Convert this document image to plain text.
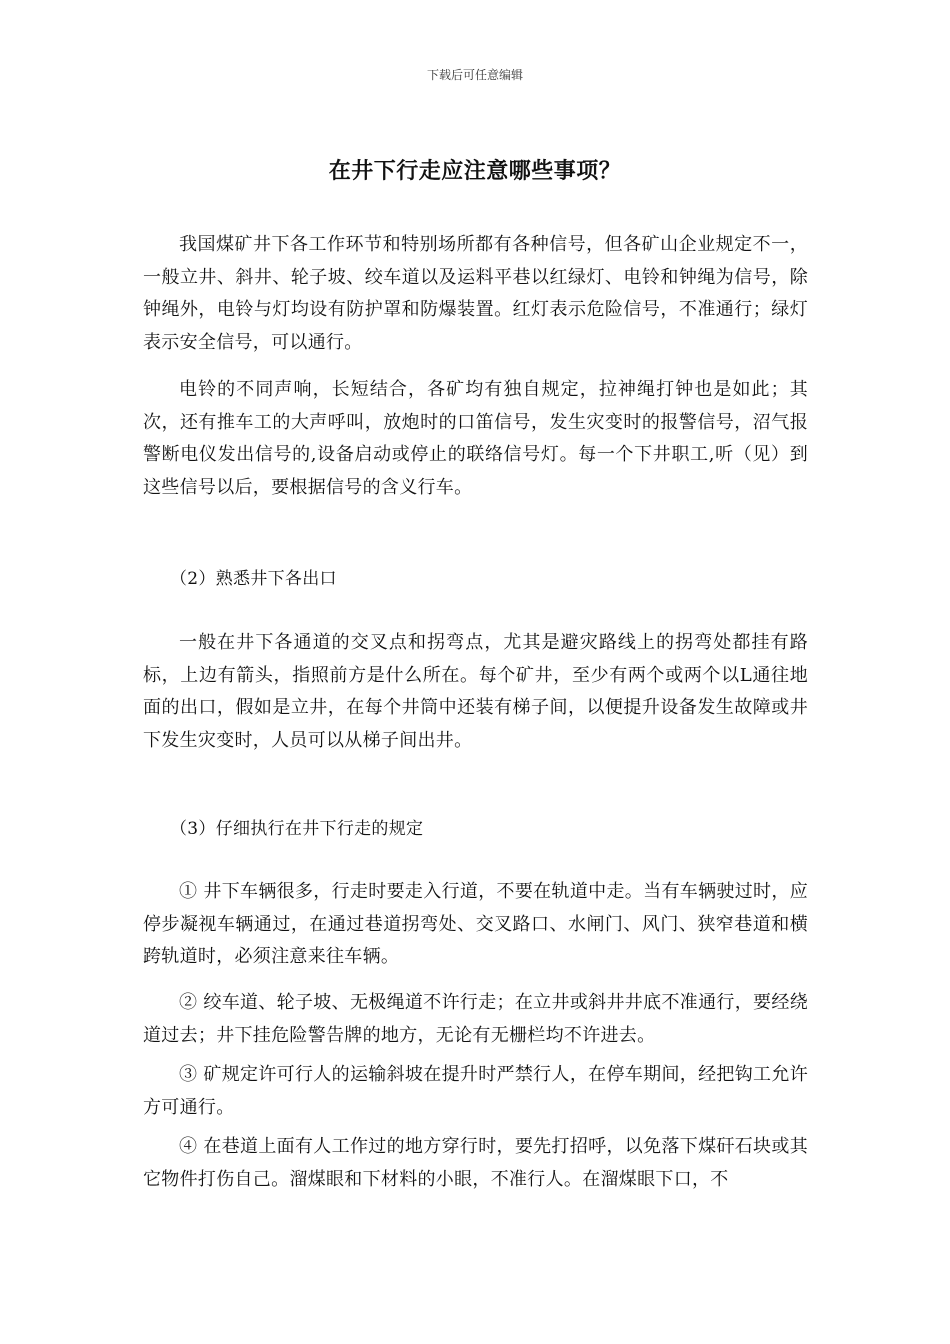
下载后可任意编辑
在井下行走应注意哪些事项？

我国煤矿井下各工作环节和特别场所都有各种信号，但各矿山企业规定不一，一般立井、斜井、轮子坡、绞车道以及运料平巷以红绿灯、电铃和钟绳为信号，除钟绳外，电铃与灯均设有防护罩和防爆装置。红灯表示危险信号，不准通行；绿灯表示安全信号，可以通行。

电铃的不同声响，长短结合，各矿均有独自规定，拉神绳打钟也是如此；其次，还有推车工的大声呼叫，放炮时的口笛信号，发生灾变时的报警信号，沼气报警断电仪发出信号的,设备启动或停止的联络信号灯。每一个下井职工,听（见）到这些信号以后，要根据信号的含义行车。

（2）熟悉井下各出口

一般在井下各通道的交叉点和拐弯点，尤其是避灾路线上的拐弯处都挂有路标，上边有箭头，指照前方是什么所在。每个矿井，至少有两个或两个以L通往地面的出口，假如是立井，在每个井筒中还装有梯子间，以便提升设备发生故障或井下发生灾变时，人员可以从梯子间出井。

（3）仔细执行在井下行走的规定

① 井下车辆很多，行走时要走入行道，不要在轨道中走。当有车辆驶过时，应停步凝视车辆通过，在通过巷道拐弯处、交叉路口、水闸门、风门、狭窄巷道和横跨轨道时，必须注意来往车辆。

② 绞车道、轮子坡、无极绳道不许行走；在立井或斜井井底不准通行，要经绕道过去；井下挂危险警告牌的地方，无论有无栅栏均不许进去。

③ 矿规定许可行人的运输斜坡在提升时严禁行人，在停车期间，经把钩工允许方可通行。

④ 在巷道上面有人工作过的地方穿行时，要先打招呼，以免落下煤矸石块或其它物件打伤自己。溜煤眼和下材料的小眼，不准行人。在溜煤眼下口，不
